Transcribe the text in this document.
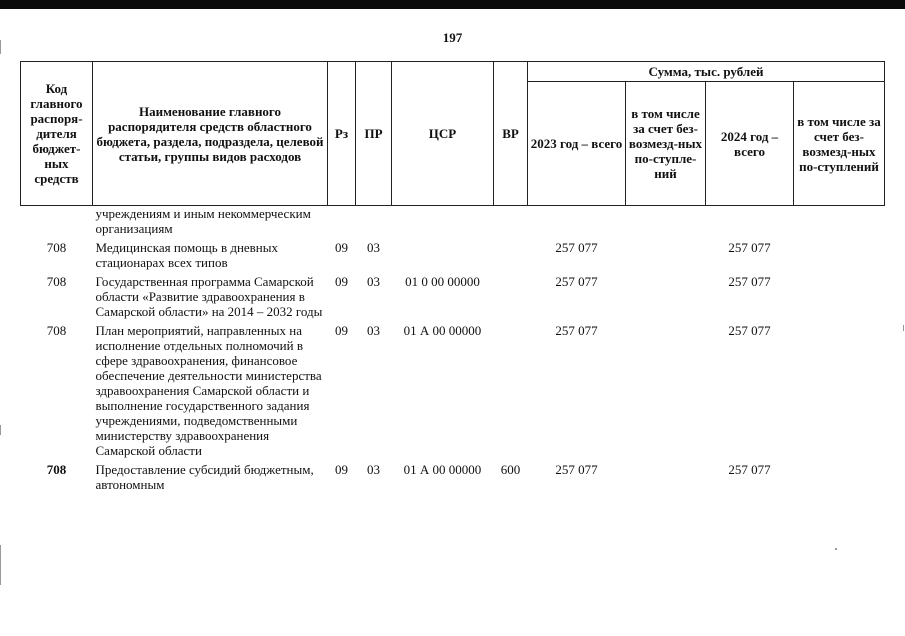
197
Код главного распоря-дителя бюджет-ных средств	Наименование главного распорядителя средств областного бюджета, раздела, подраздела, целевой статьи, группы видов расходов	Рз	ПР	ЦСР	ВР	Сумма, тыс. рублей			
						2023 год – всего	в том числе за счет без-возмезд-ных по-ступле-ний	2024 год – всего	в том числе за счет без-возмезд-ных по-ступлений
	учреждениям и иным некоммерческим организациям								

708	Медицинская помощь в дневных стационарах всех типов	09	03			257 077		257 077	

708	Государственная программа Самарской области «Развитие здравоохранения в Самарской области» на 2014 – 2032 годы	09	03	01 0 00 00000		257 077		257 077	

708	План мероприятий, направленных на исполнение отдельных полномочий в сфере здравоохранения, финансовое обеспечение деятельности министерства здравоохранения Самарской области и выполнение государственного задания учреждениями, подведомственными министерству здравоохранения Самарской области	09	03	01 А 00 00000		257 077		257 077	

708	Предоставление субсидий бюджетным, автономным	09	03	01 А 00 00000	600	257 077		257 077	
